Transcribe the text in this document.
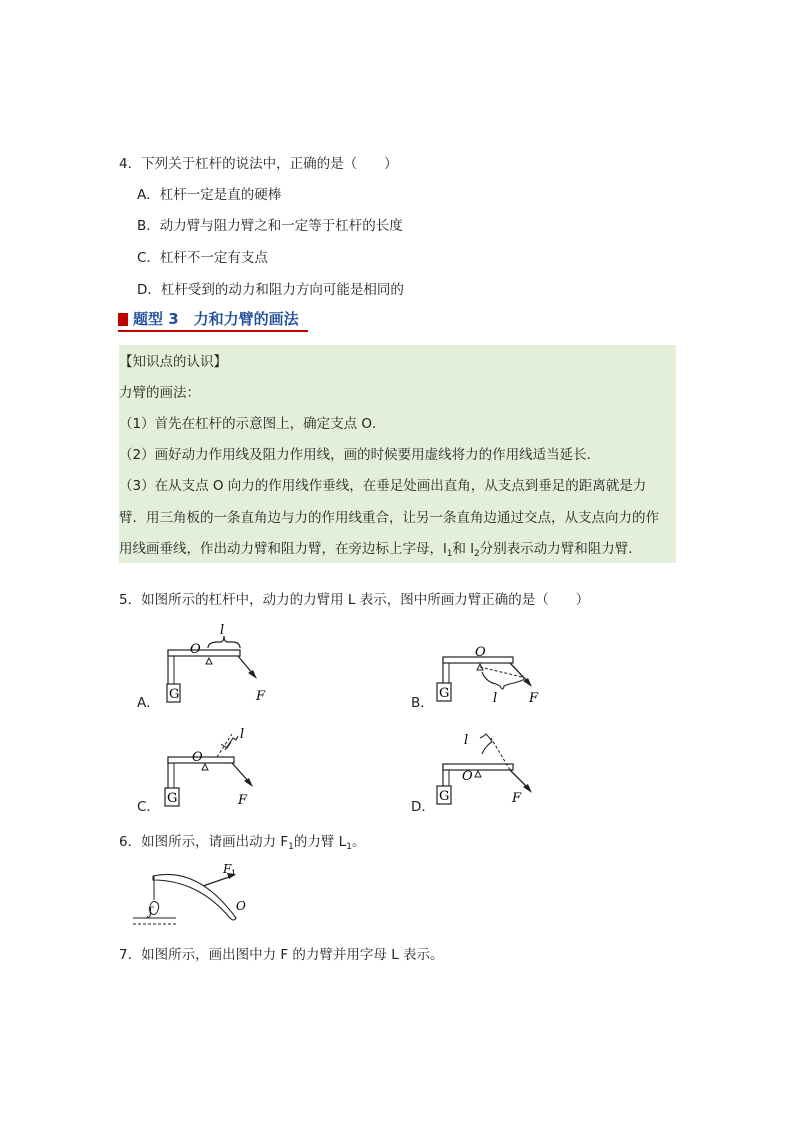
4．下列关于杠杆的说法中，正确的是（　　）
A．杠杆一定是直的硬棒
B．动力臂与阻力臂之和一定等于杠杆的长度
C．杠杆不一定有支点
D．杠杆受到的动力和阻力方向可能是相同的
题型 3　力和力臂的画法
【知识点的认识】
力臂的画法：
（1）首先在杠杆的示意图上，确定支点 O．
（2）画好动力作用线及阻力作用线，画的时候要用虚线将力的作用线适当延长．
（3）在从支点 O 向力的作用线作垂线，在垂足处画出直角，从支点到垂足的距离就是力
臂．用三角板的一条直角边与力的作用线重合，让另一条直角边通过交点，从支点向力的作
用线画垂线，作出动力臂和阻力臂，在旁边标上字母，$l_1$和 $l_2$分别表示动力臂和阻力臂．
5．如图所示的杠杆中，动力的力臂用 L 表示，图中所画力臂正确的是（　　）
G
O
l
F
A．
G
O
l F
B．
G
O
l
F
C．
G
O
l
F
D．
6．如图所示，请画出动力 $F_1$的力臂 $L_1$。
ʃ
F 1
O
7．如图所示，画出图中力 F 的力臂并用字母 L 表示。
